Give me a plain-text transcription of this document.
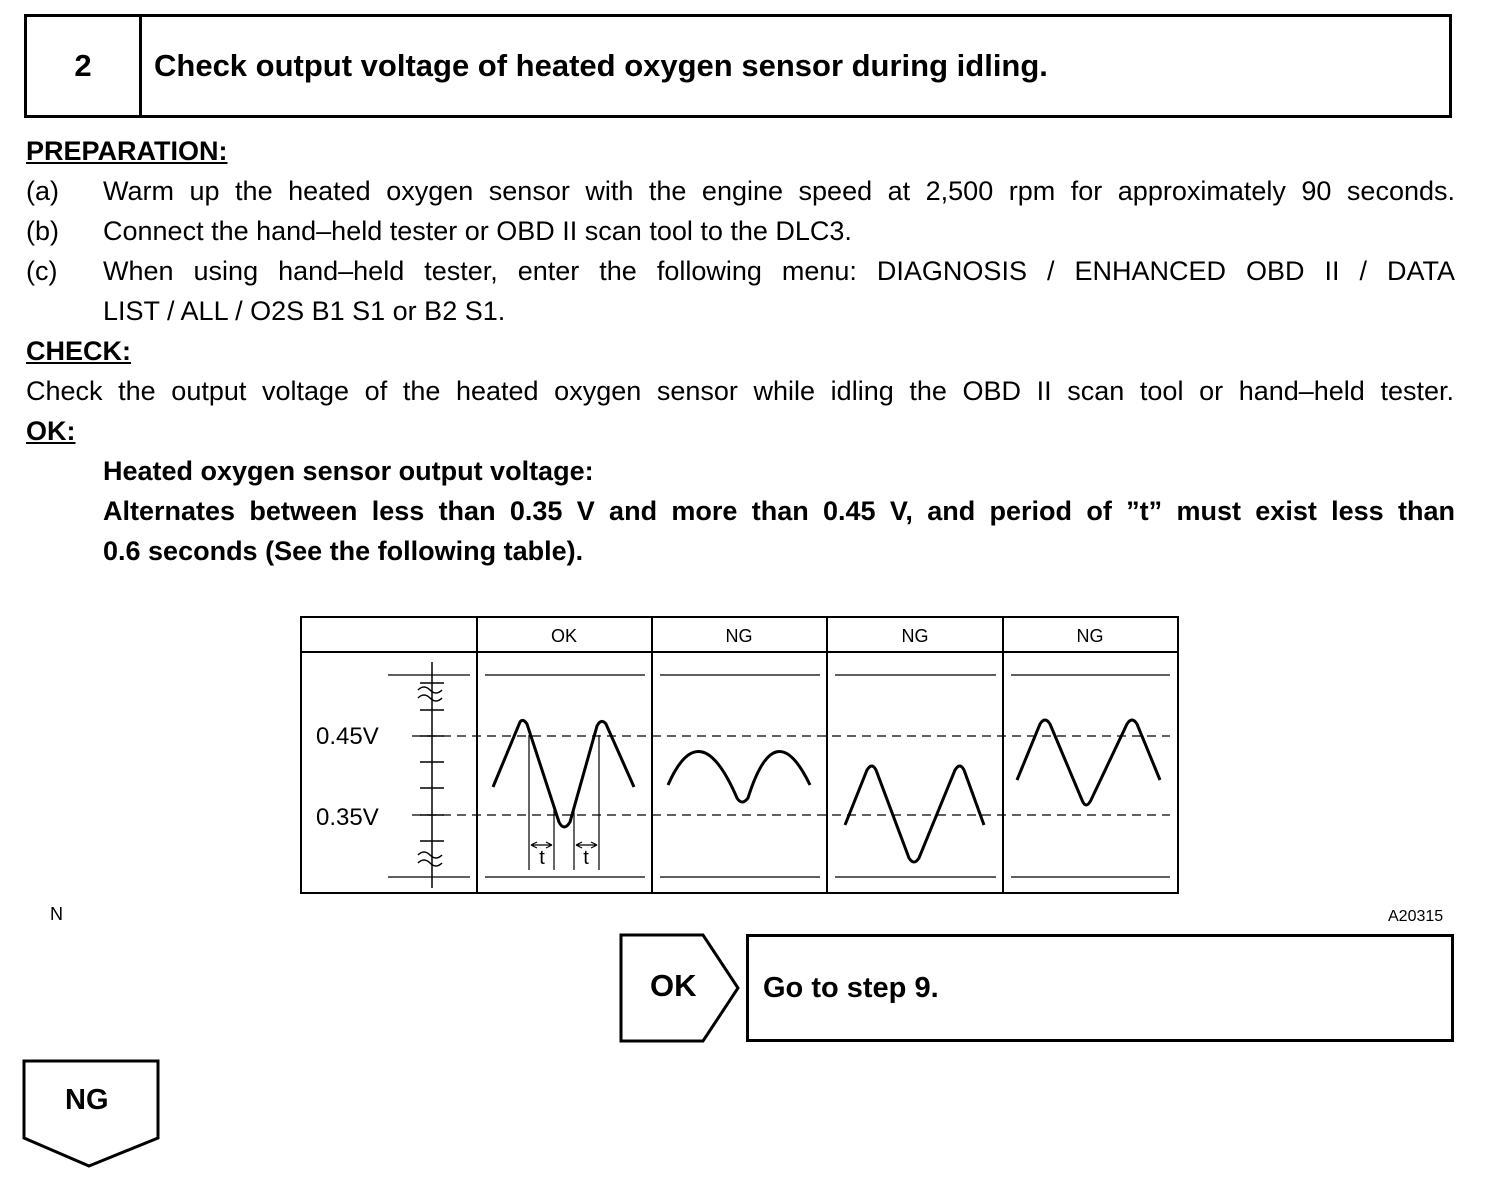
2	Check output voltage of heated oxygen sensor during idling.
PREPARATION:
(a) Warm up the heated oxygen sensor with the engine speed at 2,500 rpm for approximately 90 seconds.
(b) Connect the hand–held tester or OBD II scan tool to the DLC3.
(c) When using hand–held tester, enter the following menu: DIAGNOSIS / ENHANCED OBD II / DATA
LIST / ALL / O2S B1 S1 or B2 S1.
CHECK:
Check the output voltage of the heated oxygen sensor while idling the OBD II scan tool or hand–held tester.
OK:
Heated oxygen sensor output voltage:
Alternates between less than 0.35 V and more than 0.45 V, and period of ”t” must exist less than
0.6 seconds (See the following table).
OK	NG	NG	NG
0.45V
0.35V
t t
N	A20315
OK Go to step 9.
NG
